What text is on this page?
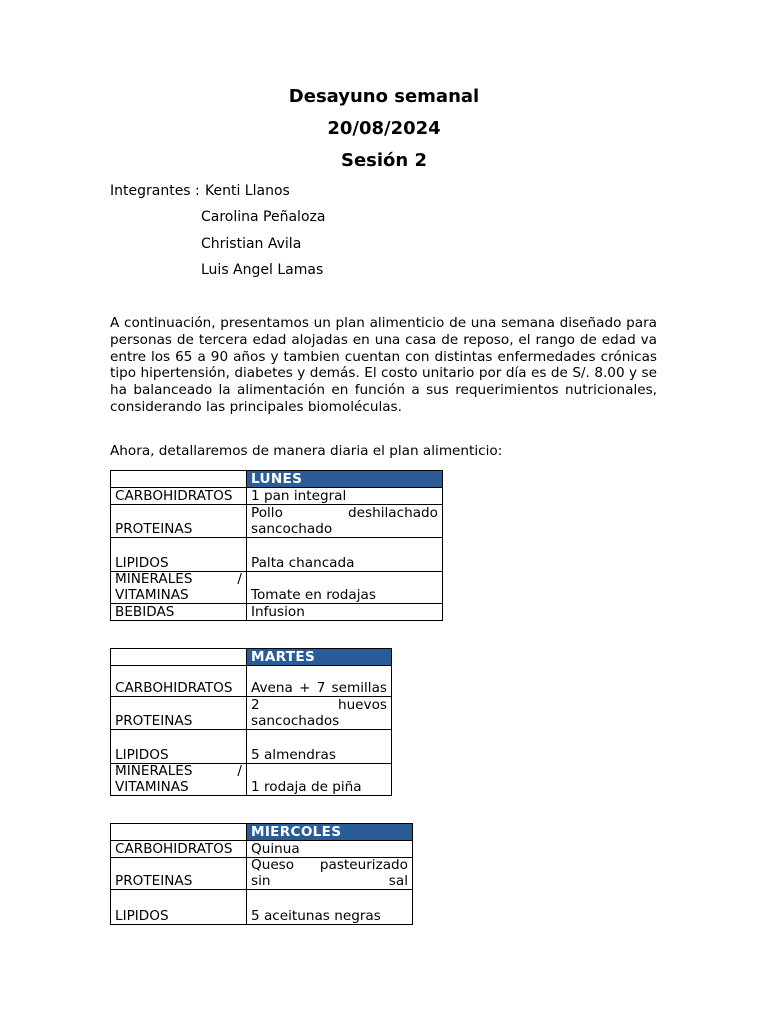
Desayuno semanal
20/08/2024
Sesión 2
Integrantes : Kenti Llanos
Carolina Peñaloza
Christian Avila
Luis Angel Lamas
A continuación, presentamos un plan alimenticio de una semana diseñado para personas de tercera edad alojadas en una casa de reposo, el rango de edad va entre los 65 a 90 años y tambien cuentan con distintas enfermedades crónicas tipo hipertensión, diabetes y demás. El costo unitario por día es de S/. 8.00 y se ha balanceado la alimentación en función a sus requerimientos nutricionales, considerando las principales biomoléculas.
Ahora, detallaremos de manera diaria el plan alimenticio:
	LUNES
CARBOHIDRATOS	1 pan integral
PROTEINAS	Pollo deshilachado sancochado
LIPIDOS	Palta chancada
MINERALES / VITAMINAS	Tomate en rodajas
BEBIDAS	Infusion
	MARTES
CARBOHIDRATOS	Avena + 7 semillas
PROTEINAS	2 huevos sancochados
LIPIDOS	5 almendras
MINERALES / VITAMINAS	1 rodaja de piña
	MIERCOLES
CARBOHIDRATOS	Quinua
PROTEINAS	Queso pasteurizado sin sal
LIPIDOS	5 aceitunas negras
